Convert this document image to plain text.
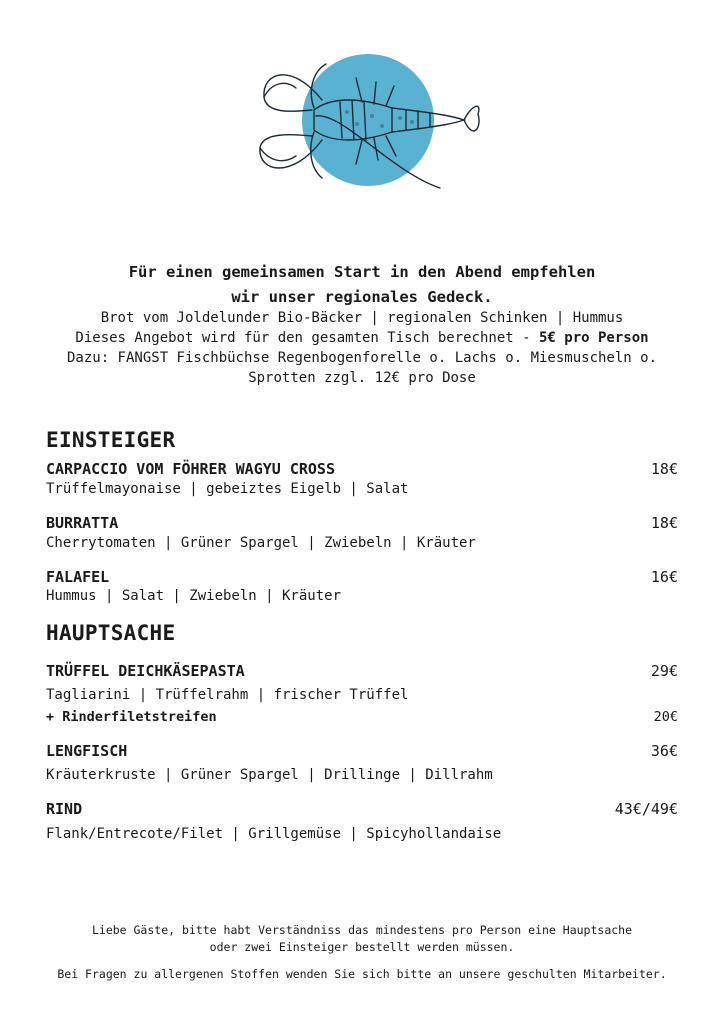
Für einen gemeinsamen Start in den Abend empfehlen
wir unser regionales Gedeck.
Brot vom Joldelunder Bio-Bäcker | regionalen Schinken | Hummus
Dieses Angebot wird für den gesamten Tisch berechnet - 5€ pro Person
Dazu: FANGST Fischbüchse Regenbogenforelle o. Lachs o. Miesmuscheln o.
Sprotten zzgl. 12€ pro Dose
EINSTEIGER
CARPACCIO VOM FÖHRER WAGYU CROSS	18€
Trüffelmayonaise | gebeiztes Eigelb | Salat
BURRATTA	18€
Cherrytomaten | Grüner Spargel | Zwiebeln | Kräuter
FALAFEL	16€
Hummus | Salat | Zwiebeln | Kräuter
HAUPTSACHE
TRÜFFEL DEICHKÄSEPASTA	29€
Tagliarini | Trüffelrahm | frischer Trüffel
+ Rinderfiletstreifen	20€
LENGFISCH	36€
Kräuterkruste | Grüner Spargel | Drillinge | Dillrahm
RIND	43€/49€
Flank/Entrecote/Filet | Grillgemüse | Spicyhollandaise
Liebe Gäste, bitte habt Verständniss das mindestens pro Person eine Hauptsache
oder zwei Einsteiger bestellt werden müssen.
Bei Fragen zu allergenen Stoffen wenden Sie sich bitte an unsere geschulten Mitarbeiter.
